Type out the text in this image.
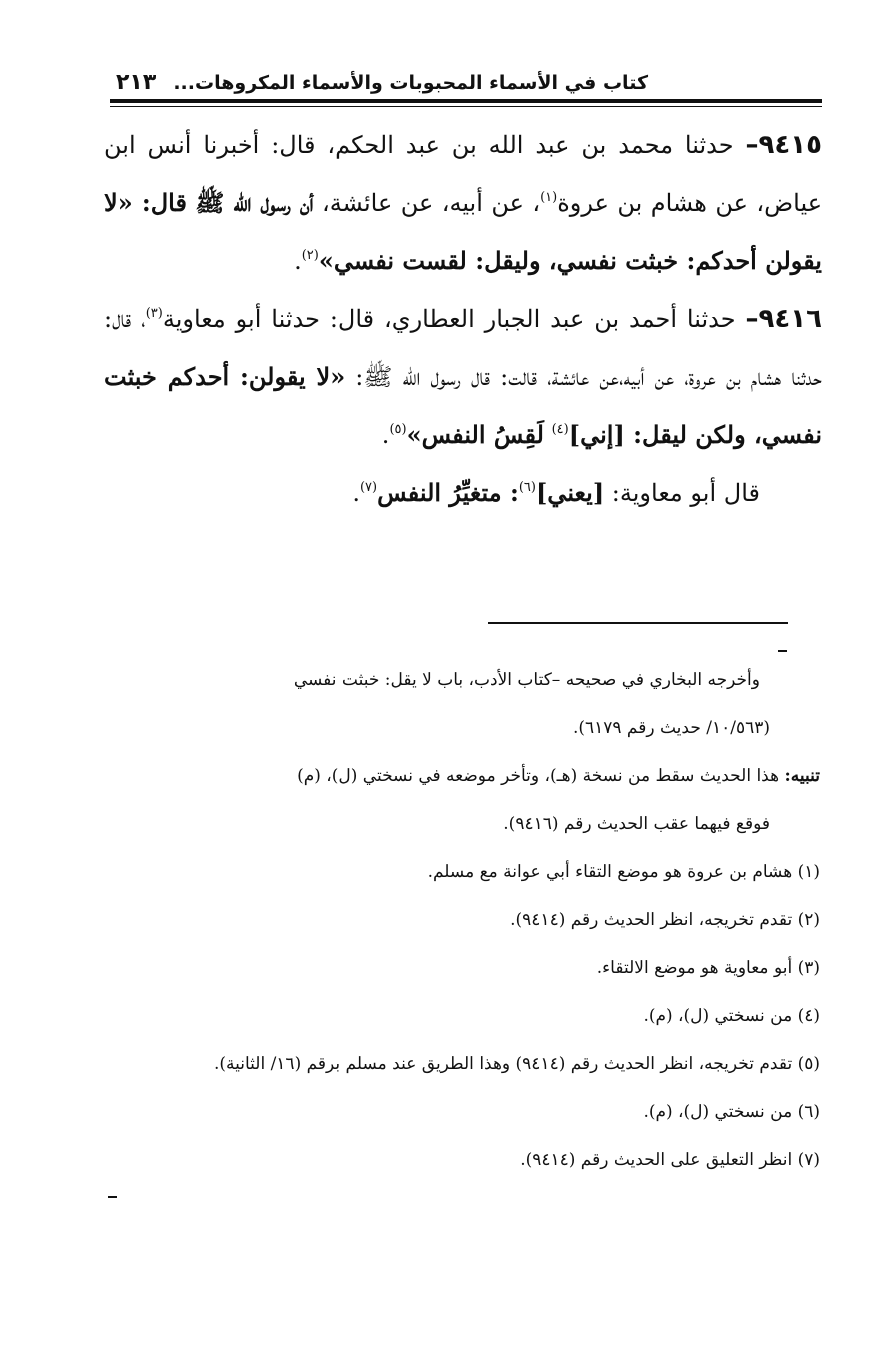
٢١٣ كتاب في الأسماء المحبوبات والأسماء المكروهات...

٩٤١٥– حدثنا محمد بن عبد الله بن عبد الحكم، قال: أخبرنا أنس ابن عياض، عن هشام بن عروة$^{(١)}$، عن أبيه، عن عائشة، أن رسول الله ﷺ قال: «لا يقولن أحدكم: خبثت نفسي، وليقل: لقست نفسي»$^{(٢)}$.

٩٤١٦– حدثنا أحمد بن عبد الجبار العطاري، قال: حدثنا أبو معاوية$^{(٣)}$، قال: حدثنا هشام بن عروة، عن أبيه،عن عائشة، قالت: قال رسول الله ﷺ: «لا يقولن: أحدكم خبثت نفسي، ولكن ليقل: [إني]$^{(٤)}$ لَقِسُ النفس»$^{(٥)}$.

قال أبو معاوية: [يعني]$^{(٦)}$: متغيِّرُ النفس$^{(٧)}$.

وأخرجه البخاري في صحيحه –كتاب الأدب، باب لا يقل: خبثت نفسي

(١٠/٥٦٣/ حديث رقم ٦١٧٩).

تنبيه: هذا الحديث سقط من نسخة (هـ)، وتأخر موضعه في نسختي (ل)، (م)

فوقع فيهما عقب الحديث رقم (٩٤١٦).

(١) هشام بن عروة هو موضع التقاء أبي عوانة مع مسلم.

(٢) تقدم تخريجه، انظر الحديث رقم (٩٤١٤).

(٣) أبو معاوية هو موضع الالتقاء.

(٤) من نسختي (ل)، (م).

(٥) تقدم تخريجه، انظر الحديث رقم (٩٤١٤) وهذا الطريق عند مسلم برقم (١٦/ الثانية).

(٦) من نسختي (ل)، (م).

(٧) انظر التعليق على الحديث رقم (٩٤١٤).
